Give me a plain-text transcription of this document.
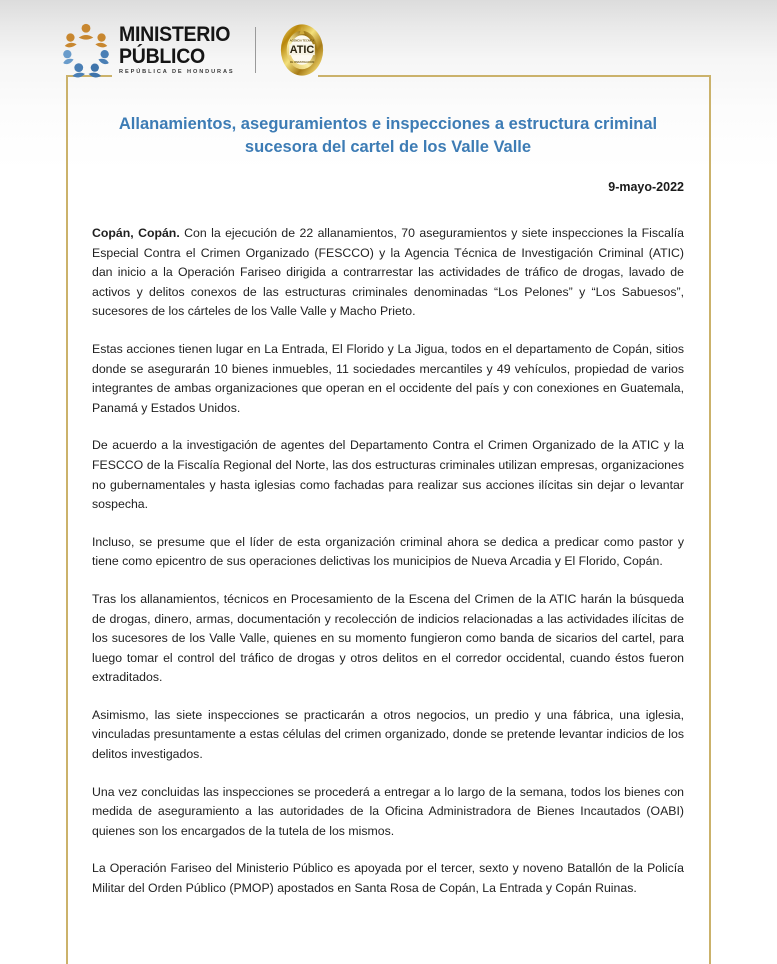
MINISTERIO
PÚBLICO
REPÚBLICA DE HONDURAS
ATIC
AGENCIA TECNICA
DE INVESTIGACION
Allanamientos, aseguramientos e inspecciones a estructura criminal sucesora del cartel de los Valle Valle
9-mayo-2022

Copán, Copán. Con la ejecución de 22 allanamientos, 70 aseguramientos y siete inspecciones la Fiscalía Especial Contra el Crimen Organizado (FESCCO) y la Agencia Técnica de Investigación Criminal (ATIC) dan inicio a la Operación Fariseo dirigida a contrarrestar las actividades de tráfico de drogas, lavado de activos y delitos conexos de las estructuras criminales denominadas “Los Pelones” y “Los Sabuesos”, sucesores de los cárteles de los Valle Valle y Macho Prieto.

Estas acciones tienen lugar en La Entrada, El Florido y La Jigua, todos en el departamento de Copán, sitios donde se asegurarán 10 bienes inmuebles, 11 sociedades mercantiles y 49 vehículos, propiedad de varios integrantes de ambas organizaciones que operan en el occidente del país y con conexiones en Guatemala, Panamá y Estados Unidos.

De acuerdo a la investigación de agentes del Departamento Contra el Crimen Organizado de la ATIC y la FESCCO de la Fiscalía Regional del Norte, las dos estructuras criminales utilizan empresas, organizaciones no gubernamentales y hasta iglesias como fachadas para realizar sus acciones ilícitas sin dejar o levantar sospecha.

Incluso, se presume que el líder de esta organización criminal ahora se dedica a predicar como pastor y tiene como epicentro de sus operaciones delictivas los municipios de Nueva Arcadia y El Florido, Copán.

Tras los allanamientos, técnicos en Procesamiento de la Escena del Crimen de la ATIC harán la búsqueda de drogas, dinero, armas, documentación y recolección de indicios relacionadas a las actividades ilícitas de los sucesores de los Valle Valle, quienes en su momento fungieron como banda de sicarios del cartel, para luego tomar el control del tráfico de drogas y otros delitos en el corredor occidental, cuando éstos fueron extraditados.

Asimismo, las siete inspecciones se practicarán a otros negocios, un predio y una fábrica, una iglesia, vinculadas presuntamente a estas células del crimen organizado, donde se pretende levantar indicios de los delitos investigados.

Una vez concluidas las inspecciones se procederá a entregar a lo largo de la semana, todos los bienes con medida de aseguramiento a las autoridades de la Oficina Administradora de Bienes Incautados (OABI) quienes son los encargados de la tutela de los mismos.

La Operación Fariseo del Ministerio Público es apoyada por el tercer, sexto y noveno Batallón de la Policía Militar del Orden Público (PMOP) apostados en Santa Rosa de Copán, La Entrada y Copán Ruinas.
